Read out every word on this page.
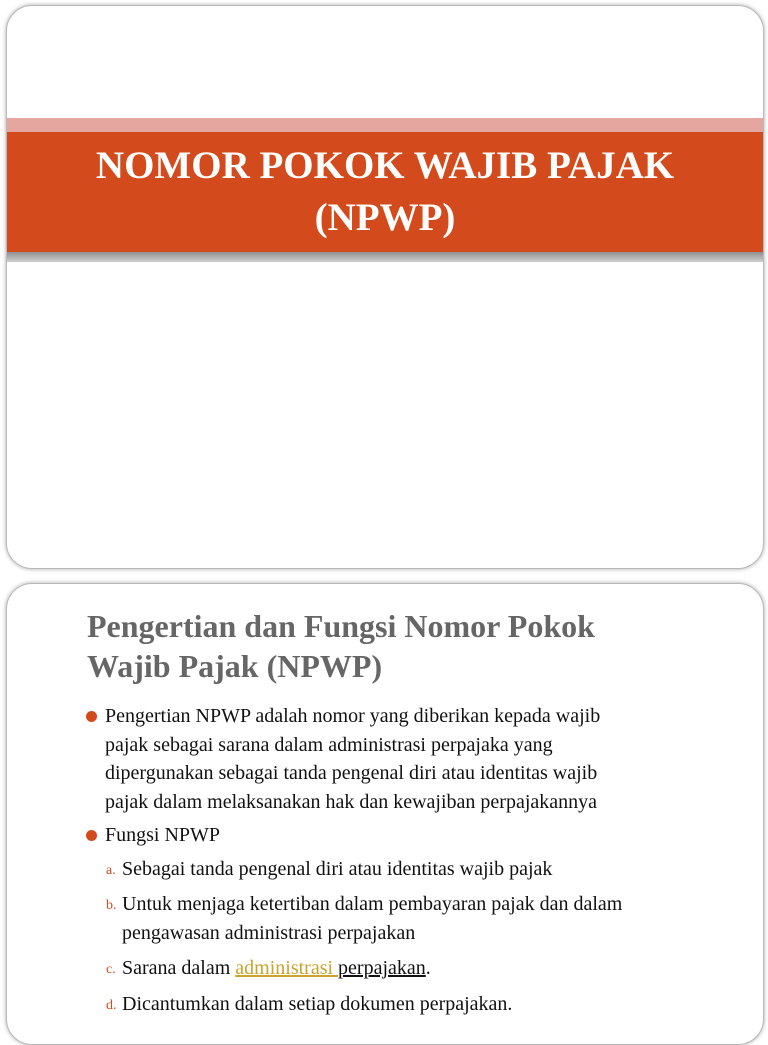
NOMOR POKOK WAJIB PAJAK
(NPWP)
Pengertian dan Fungsi Nomor Pokok
Wajib Pajak (NPWP)
Pengertian NPWP adalah nomor yang diberikan kepada wajib
pajak sebagai sarana dalam administrasi perpajaka yang
dipergunakan sebagai tanda pengenal diri atau identitas wajib
pajak dalam melaksanakan hak dan kewajiban perpajakannya
Fungsi NPWP
a. Sebagai tanda pengenal diri atau identitas wajib pajak
b. Untuk menjaga ketertiban dalam pembayaran pajak dan dalam
pengawasan administrasi perpajakan
c. Sarana dalam administrasi perpajakan.
d. Dicantumkan dalam setiap dokumen perpajakan.
